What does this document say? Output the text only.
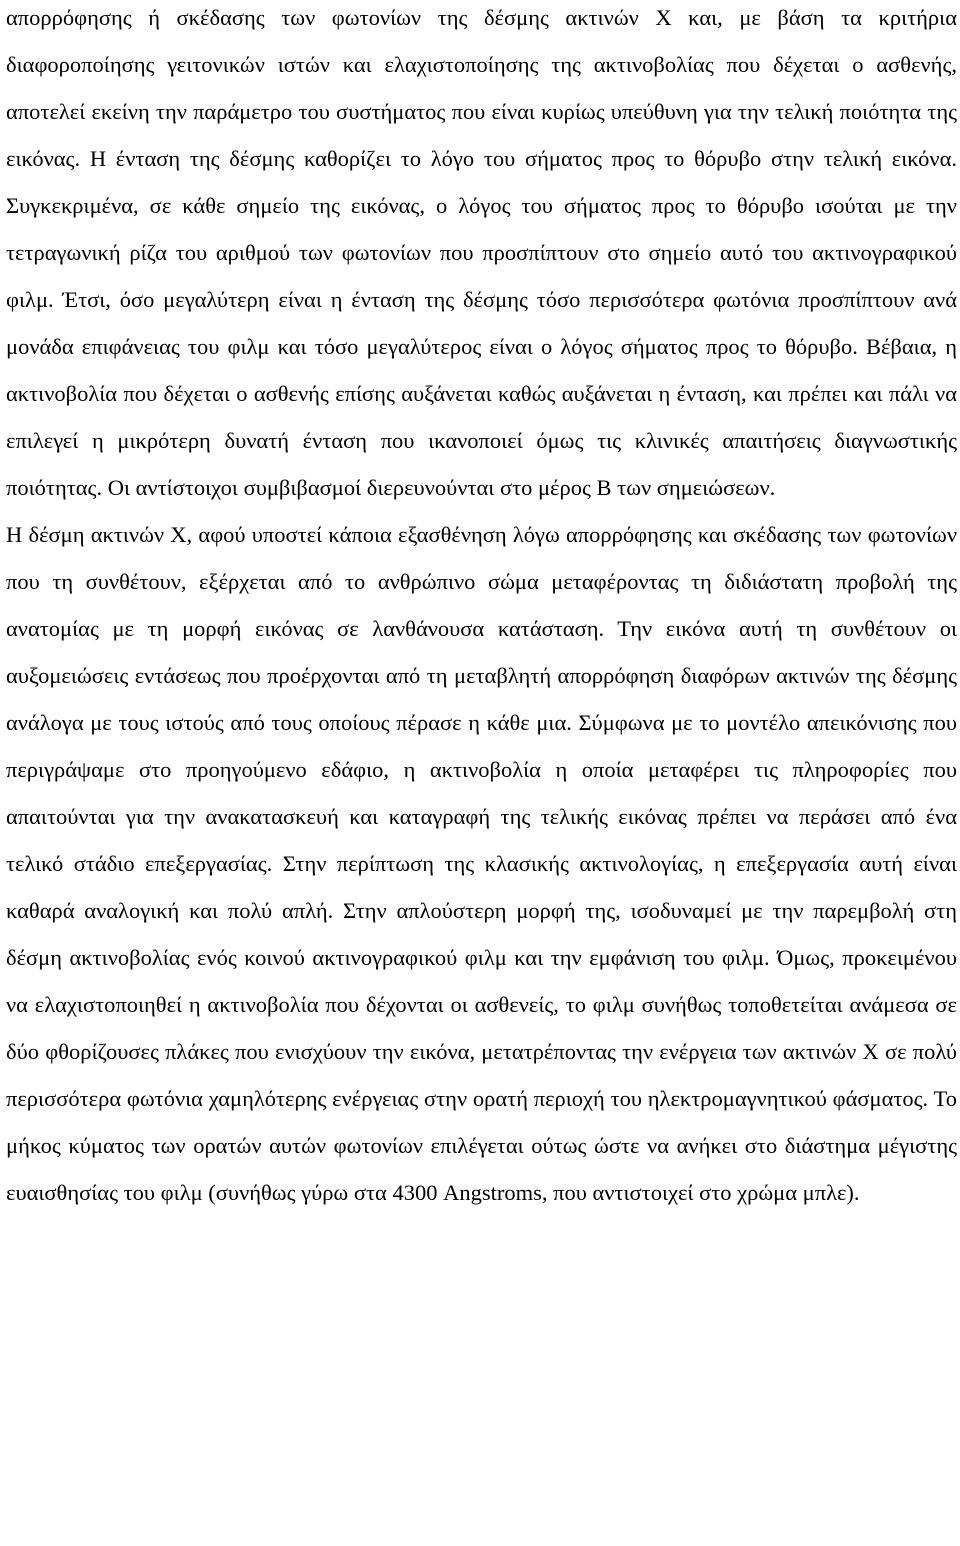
απορρόφησης ή σκέδασης των φωτονίων της δέσμης ακτινών Χ και, με βάση τα κριτήρια διαφοροποίησης γειτονικών ιστών και ελαχιστοποίησης της ακτινοβολίας που δέχεται ο ασθενής, αποτελεί εκείνη την παράμετρο του συστήματος που είναι κυρίως υπεύθυνη για την τελική ποιότητα της εικόνας. Η ένταση της δέσμης καθορίζει το λόγο του σήματος προς το θόρυβο στην τελική εικόνα. Συγκεκριμένα, σε κάθε σημείο της εικόνας, ο λόγος του σήματος προς το θόρυβο ισούται με την τετραγωνική ρίζα του αριθμού των φωτονίων που προσπίπτουν στο σημείο αυτό του ακτινογραφικού φιλμ. Έτσι, όσο μεγαλύτερη είναι η ένταση της δέσμης τόσο περισσότερα φωτόνια προσπίπτουν ανά μονάδα επιφάνειας του φιλμ και τόσο μεγαλύτερος είναι ο λόγος σήματος προς το θόρυβο. Βέβαια, η ακτινοβολία που δέχεται ο ασθενής επίσης αυξάνεται καθώς αυξάνεται η ένταση, και πρέπει και πάλι να επιλεγεί η μικρότερη δυνατή ένταση που ικανοποιεί όμως τις κλινικές απαιτήσεις διαγνωστικής ποιότητας. Οι αντίστοιχοι συμβιβασμοί διερευνούνται στο μέρος Β των σημειώσεων.

Η δέσμη ακτινών Χ, αφού υποστεί κάποια εξασθένηση λόγω απορρόφησης και σκέδασης των φωτονίων που τη συνθέτουν, εξέρχεται από το ανθρώπινο σώμα μεταφέροντας τη διδιάστατη προβολή της ανατομίας με τη μορφή εικόνας σε λανθάνουσα κατάσταση. Την εικόνα αυτή τη συνθέτουν οι αυξομειώσεις εντάσεως που προέρχονται από τη μεταβλητή απορρόφηση διαφόρων ακτινών της δέσμης ανάλογα με τους ιστούς από τους οποίους πέρασε η κάθε μια. Σύμφωνα με το μοντέλο απεικόνισης που περιγράψαμε στο προηγούμενο εδάφιο, η ακτινοβολία η οποία μεταφέρει τις πληροφορίες που απαιτούνται για την ανακατασκευή και καταγραφή της τελικής εικόνας πρέπει να περάσει από ένα τελικό στάδιο επεξεργασίας. Στην περίπτωση της κλασικής ακτινολογίας, η επεξεργασία αυτή είναι καθαρά αναλογική και πολύ απλή. Στην απλούστερη μορφή της, ισοδυναμεί με την παρεμβολή στη δέσμη ακτινοβολίας ενός κοινού ακτινογραφικού φιλμ και την εμφάνιση του φιλμ. Όμως, προκειμένου να ελαχιστοποιηθεί η ακτινοβολία που δέχονται οι ασθενείς, το φιλμ συνήθως τοποθετείται ανάμεσα σε δύο φθορίζουσες πλάκες που ενισχύουν την εικόνα, μετατρέποντας την ενέργεια των ακτινών Χ σε πολύ περισσότερα φωτόνια χαμηλότερης ενέργειας στην ορατή περιοχή του ηλεκτρομαγνητικού φάσματος. Το μήκος κύματος των ορατών αυτών φωτονίων επιλέγεται ούτως ώστε να ανήκει στο διάστημα μέγιστης ευαισθησίας του φιλμ (συνήθως γύρω στα 4300 Angstroms, που αντιστοιχεί στο χρώμα μπλε).
